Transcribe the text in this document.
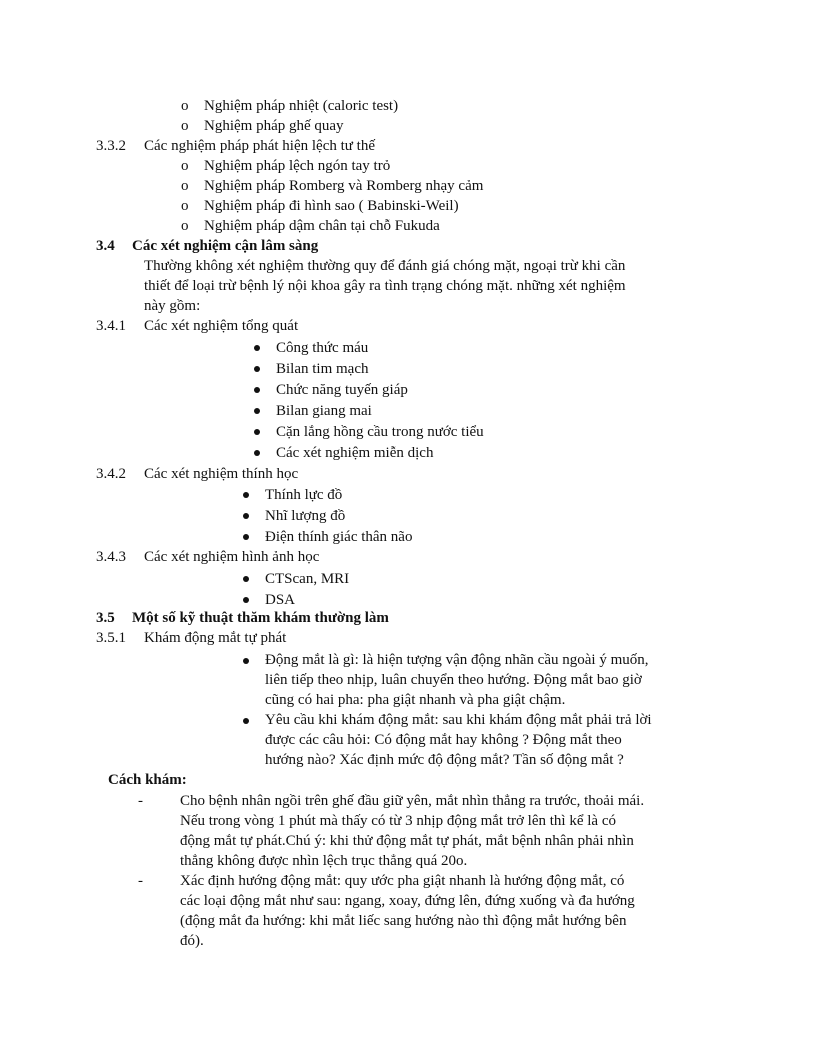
o Nghiệm pháp nhiệt (caloric test)
o Nghiệm pháp ghế quay
3.3.2 Các nghiệm pháp phát hiện lệch tư thế
o Nghiệm pháp lệch ngón tay trỏ
o Nghiệm pháp Romberg và Romberg nhạy cảm
o Nghiệm pháp đi hình sao ( Babinski-Weil)
o Nghiệm pháp dậm chân tại chỗ Fukuda
3.4 Các xét nghiệm cận lâm sàng
Thường không xét nghiệm thường quy để đánh giá chóng mặt, ngoại trừ khi cần
thiết để loại trừ bệnh lý nội khoa gây ra tình trạng chóng mặt. những xét nghiệm
này gồm:
3.4.1 Các xét nghiệm tổng quát
Công thức máu
Bilan tim mạch
Chức năng tuyến giáp
Bilan giang mai
Cặn lắng hồng cầu trong nước tiểu
Các xét nghiệm miễn dịch
3.4.2 Các xét nghiệm thính học
Thính lực đồ
Nhĩ lượng đồ
Điện thính giác thân não
3.4.3 Các xét nghiệm hình ảnh học
CTScan, MRI
DSA
3.5 Một số kỹ thuật thăm khám thường làm
3.5.1 Khám động mắt tự phát
Động mắt là gì: là hiện tượng vận động nhãn cầu ngoài ý muốn,
liên tiếp theo nhịp, luân chuyển theo hướng. Động mắt bao giờ
cũng có hai pha: pha giật nhanh và pha giật chậm.
Yêu cầu khi khám động mắt: sau khi khám động mắt phải trả lời
được các câu hỏi: Có động mắt hay không ? Động mắt theo
hướng nào? Xác định mức độ động mắt? Tần số động mắt ?
Cách khám:
- Cho bệnh nhân ngồi trên ghế đầu giữ yên, mắt nhìn thẳng ra trước, thoải mái.
Nếu trong vòng 1 phút mà thấy có từ 3 nhịp động mắt trở lên thì kể là có
động mắt tự phát.Chú ý: khi thử động mắt tự phát, mắt bệnh nhân phải nhìn
thẳng không được nhìn lệch trục thẳng quá 20o.
- Xác định hướng động mắt: quy ước pha giật nhanh là hướng động mắt, có
các loại động mắt như sau: ngang, xoay, đứng lên, đứng xuống và đa hướng
(động mắt đa hướng: khi mắt liếc sang hướng nào thì động mắt hướng bên
đó).
